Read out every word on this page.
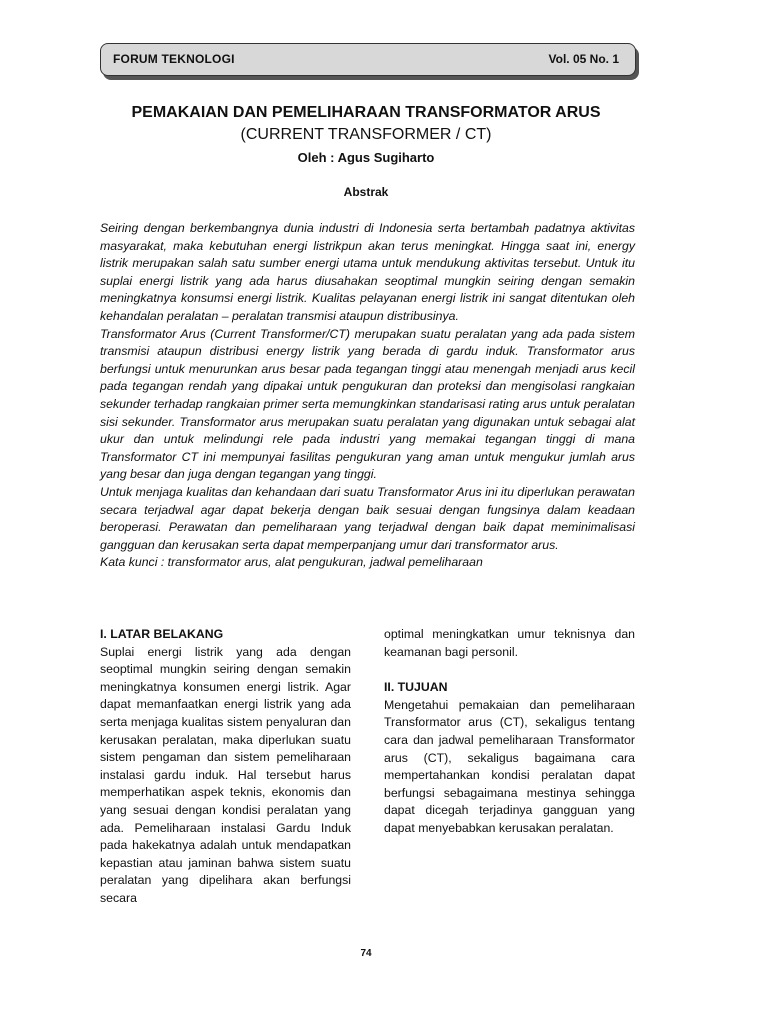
FORUM TEKNOLOGI	Vol. 05 No. 1
PEMAKAIAN DAN PEMELIHARAAN TRANSFORMATOR ARUS
(CURRENT TRANSFORMER / CT)
Oleh : Agus Sugiharto
Abstrak

Seiring dengan berkembangnya dunia industri di Indonesia serta bertambah padatnya aktivitas masyarakat, maka kebutuhan energi listrikpun akan terus meningkat. Hingga saat ini, energy listrik merupakan salah satu sumber energi utama untuk mendukung aktivitas tersebut. Untuk itu suplai energi listrik yang ada harus diusahakan seoptimal mungkin seiring dengan semakin meningkatnya konsumsi energi listrik. Kualitas pelayanan energi listrik ini sangat ditentukan oleh kehandalan peralatan – peralatan transmisi ataupun distribusinya.

Transformator Arus (Current Transformer/CT) merupakan suatu peralatan yang ada pada sistem transmisi ataupun distribusi energy listrik yang berada di gardu induk. Transformator arus berfungsi untuk menurunkan arus besar pada tegangan tinggi atau menengah menjadi arus kecil pada tegangan rendah yang dipakai untuk pengukuran dan proteksi dan mengisolasi rangkaian sekunder terhadap rangkaian primer serta memungkinkan standarisasi rating arus untuk peralatan sisi sekunder. Transformator arus merupakan suatu peralatan yang digunakan untuk sebagai alat ukur dan untuk melindungi rele pada industri yang memakai tegangan tinggi di mana Transformator CT ini mempunyai fasilitas pengukuran yang aman untuk mengukur jumlah arus yang besar dan juga dengan tegangan yang tinggi.

Untuk menjaga kualitas dan kehandaan dari suatu Transformator Arus ini itu diperlukan perawatan secara terjadwal agar dapat bekerja dengan baik sesuai dengan fungsinya dalam keadaan beroperasi. Perawatan dan pemeliharaan yang terjadwal dengan baik dapat meminimalisasi gangguan dan kerusakan serta dapat memperpanjang umur dari transformator arus.

Kata kunci : transformator arus, alat pengukuran, jadwal pemeliharaan

I. LATAR BELAKANG

Suplai energi listrik yang ada dengan seoptimal mungkin seiring dengan semakin meningkatnya konsumen energi listrik. Agar dapat memanfaatkan energi listrik yang ada serta menjaga kualitas sistem penyaluran dan kerusakan peralatan, maka diperlukan suatu sistem pengaman dan sistem pemeliharaan instalasi gardu induk. Hal tersebut harus memperhatikan aspek teknis, ekonomis dan yang sesuai dengan kondisi peralatan yang ada. Pemeliharaan instalasi Gardu Induk pada hakekatnya adalah untuk mendapatkan kepastian atau jaminan bahwa sistem suatu peralatan yang dipelihara akan berfungsi secara

optimal meningkatkan umur teknisnya dan keamanan bagi personil.

II. TUJUAN

Mengetahui pemakaian dan pemeliharaan Transformator arus (CT), sekaligus tentang cara dan jadwal pemeliharaan Transformator arus (CT), sekaligus bagaimana cara mempertahankan kondisi peralatan dapat berfungsi sebagaimana mestinya sehingga dapat dicegah terjadinya gangguan yang dapat menyebabkan kerusakan peralatan.

74
